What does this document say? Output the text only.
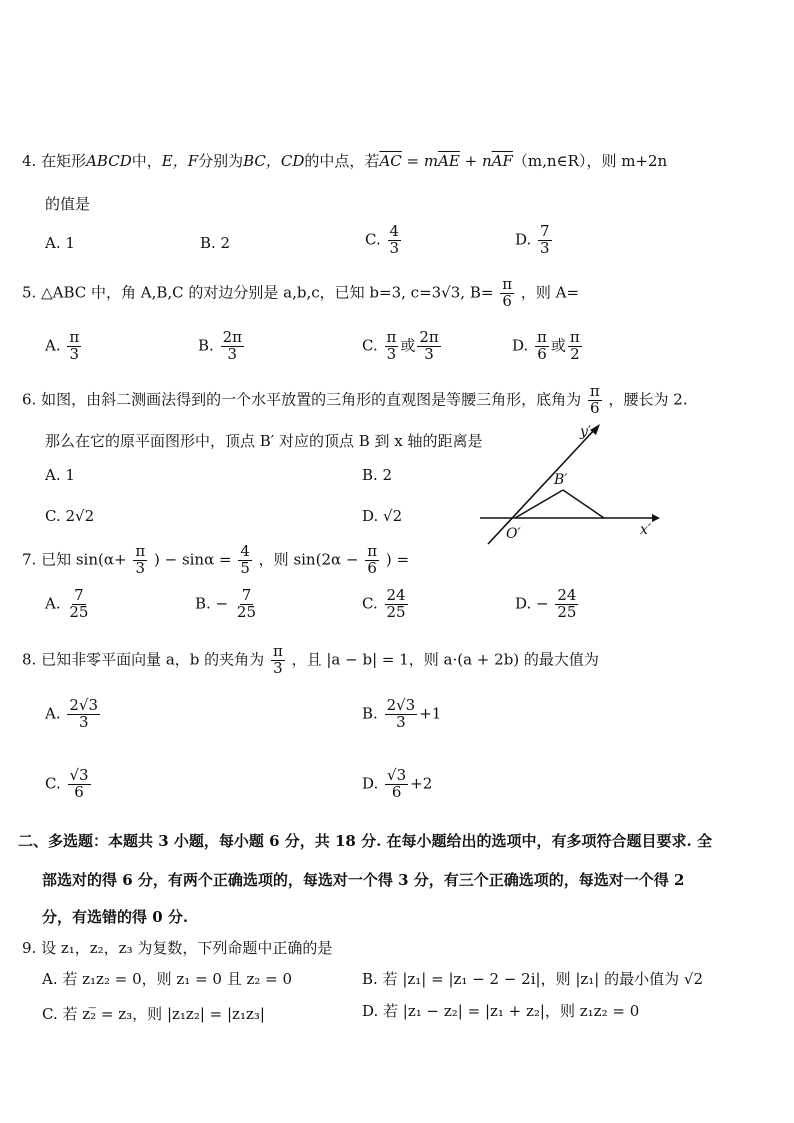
4. 在矩形ABCD中，E，F分别为BC，CD的中点，若$\overline{AC} = m\overline{AE}$ + $n\overline{AF}(m,n\in R)$，则 m+2n
的值是
A. 1	B. 2	C. $\frac{4}{3}$	D. $\frac{7}{3}$
5. △ABC 中，角 A,B,C 的对边分别是 a,b,c，已知 b=3, c=3√3, $B= \frac{\pi}{6}$ ，则 A=
A. $\frac{\pi}{3}$	B. $\frac{2\pi}{3}$	C. $\frac{\pi}{3}$ 或 $\frac{2\pi}{3}$	D. $\frac{\pi}{6}$ 或 $\frac{\pi}{2}$
6. 如图，由斜二测画法得到的一个水平放置的三角形的直观图是等腰三角形，底角为 $\frac{\pi}{6}$ ，腰长为 2.
那么在它的原平面图形中，顶点 B′ 对应的顶点 B 到 x 轴的距离是
A. 1	B. 2
C. 2√2	D. √2
y′
B′
O′	x′
7. 已知 $\sin(\alpha+ \frac{\pi}{3}$ ) − $\sin\alpha = \frac{4}{5}$ ，则 $\sin(2\alpha - \frac{\pi}{6}$ ) =
A. $\frac{7}{25}$	B. − $\frac{7}{25}$	C. $\frac{24}{25}$	D. − $\frac{24}{25}$
8. 已知非零平面向量 a，b 的夹角为 $\frac{\pi}{3}$ ，且 |a − b| = 1，则 a·(a + 2b) 的最大值为
A. $\frac{2√3}{3}$	B. $\frac{2√3}{3} +1$
C. $\frac{√3}{6}$	D. $\frac{√3}{6} +2$
二、多选题：本题共 3 小题，每小题 6 分，共 18 分. 在每小题给出的选项中，有多项符合题目要求. 全
部选对的得 6 分，有两个正确选项的，每选对一个得 3 分，有三个正确选项的，每选对一个得 2
分，有选错的得 0 分.
9. 设 z₁，z₂，z₃ 为复数，下列命题中正确的是
A. 若 z₁z₂ = 0，则 z₁ = 0 且 z₂ = 0	B. 若 |z₁| = |z₁ − 2 − 2i|，则 |z₁| 的最小值为 √2
C. 若 z₂̅ = z₃，则 |z₁z₂| = |z₁z₃|	D. 若 |z₁ − z₂| = |z₁ + z₂|，则 z₁z₂ = 0
